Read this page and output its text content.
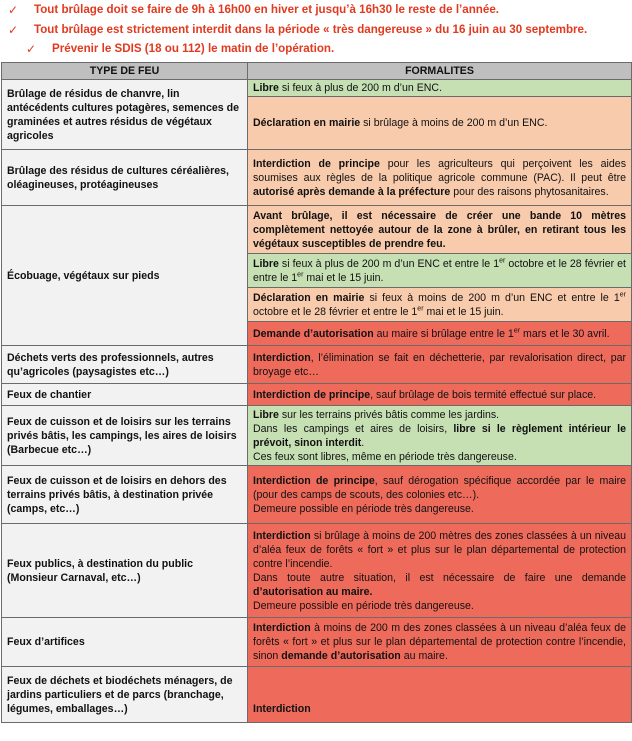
✓ Tout brûlage doit se faire de 9h à 16h00 en hiver et jusqu’à 16h30 le reste de l’année.
✓ Tout brûlage est strictement interdit dans la période « très dangereuse » du 16 juin au 30 septembre.
✓ Prévenir le SDIS (18 ou 112) le matin de l’opération.
TYPE DE FEU	FORMALITES
Brûlage de résidus de chanvre, lin antécédents cultures potagères, semences de graminées et autres résidus de végétaux agricoles	Libre si feux à plus de 200 m d’un ENC.
	Déclaration en mairie si brûlage à moins de 200 m d’un ENC.
Brûlage des résidus de cultures céréalières, oléagineuses, protéagineuses	Interdiction de principe pour les agriculteurs qui perçoivent les aides soumises aux règles de la politique agricole commune (PAC). Il peut être autorisé après demande à la préfecture pour des raisons phytosanitaires.
Écobuage, végétaux sur pieds	Avant brûlage, il est nécessaire de créer une bande 10 mètres complètement nettoyée autour de la zone à brûler, en retirant tous les végétaux susceptibles de prendre feu.
	Libre si feux à plus de 200 m d’un ENC et entre le 1er octobre et le 28 février et entre le 1er mai et le 15 juin.
	Déclaration en mairie si feux à moins de 200 m d’un ENC et entre le 1er octobre et le 28 février et entre le 1er mai et le 15 juin.
	Demande d’autorisation au maire si brûlage entre le 1er mars et le 30 avril.
Déchets verts des professionnels, autres qu’agricoles (paysagistes etc…)	Interdiction, l’élimination se fait en déchetterie, par revalorisation direct, par broyage etc…
Feux de chantier	Interdiction de principe, sauf brûlage de bois termité effectué sur place.
Feux de cuisson et de loisirs sur les terrains privés bâtis, les campings, les aires de loisirs (Barbecue etc…)	Libre sur les terrains privés bâtis comme les jardins.
Dans les campings et aires de loisirs, libre si le règlement intérieur le prévoit, sinon interdit.
Ces feux sont libres, même en période très dangereuse.
Feux de cuisson et de loisirs en dehors des terrains privés bâtis, à destination privée (camps, etc…)	Interdiction de principe, sauf dérogation spécifique accordée par le maire (pour des camps de scouts, des colonies etc…).
Demeure possible en période très dangereuse.
Feux publics, à destination du public (Monsieur Carnaval, etc…)	Interdiction si brûlage à moins de 200 mètres des zones classées à un niveau d’aléa feux de forêts « fort » et plus sur le plan départemental de protection contre l’incendie.
Dans toute autre situation, il est nécessaire de faire une demande d’autorisation au maire.
Demeure possible en période très dangereuse.
Feux d’artifices	Interdiction à moins de 200 m des zones classées à un niveau d’aléa feux de forêts « fort » et plus sur le plan départemental de protection contre l’incendie, sinon demande d’autorisation au maire.
Feux de déchets et biodéchets ménagers, de jardins particuliers et de parcs (branchage, légumes, emballages…)	Interdiction
